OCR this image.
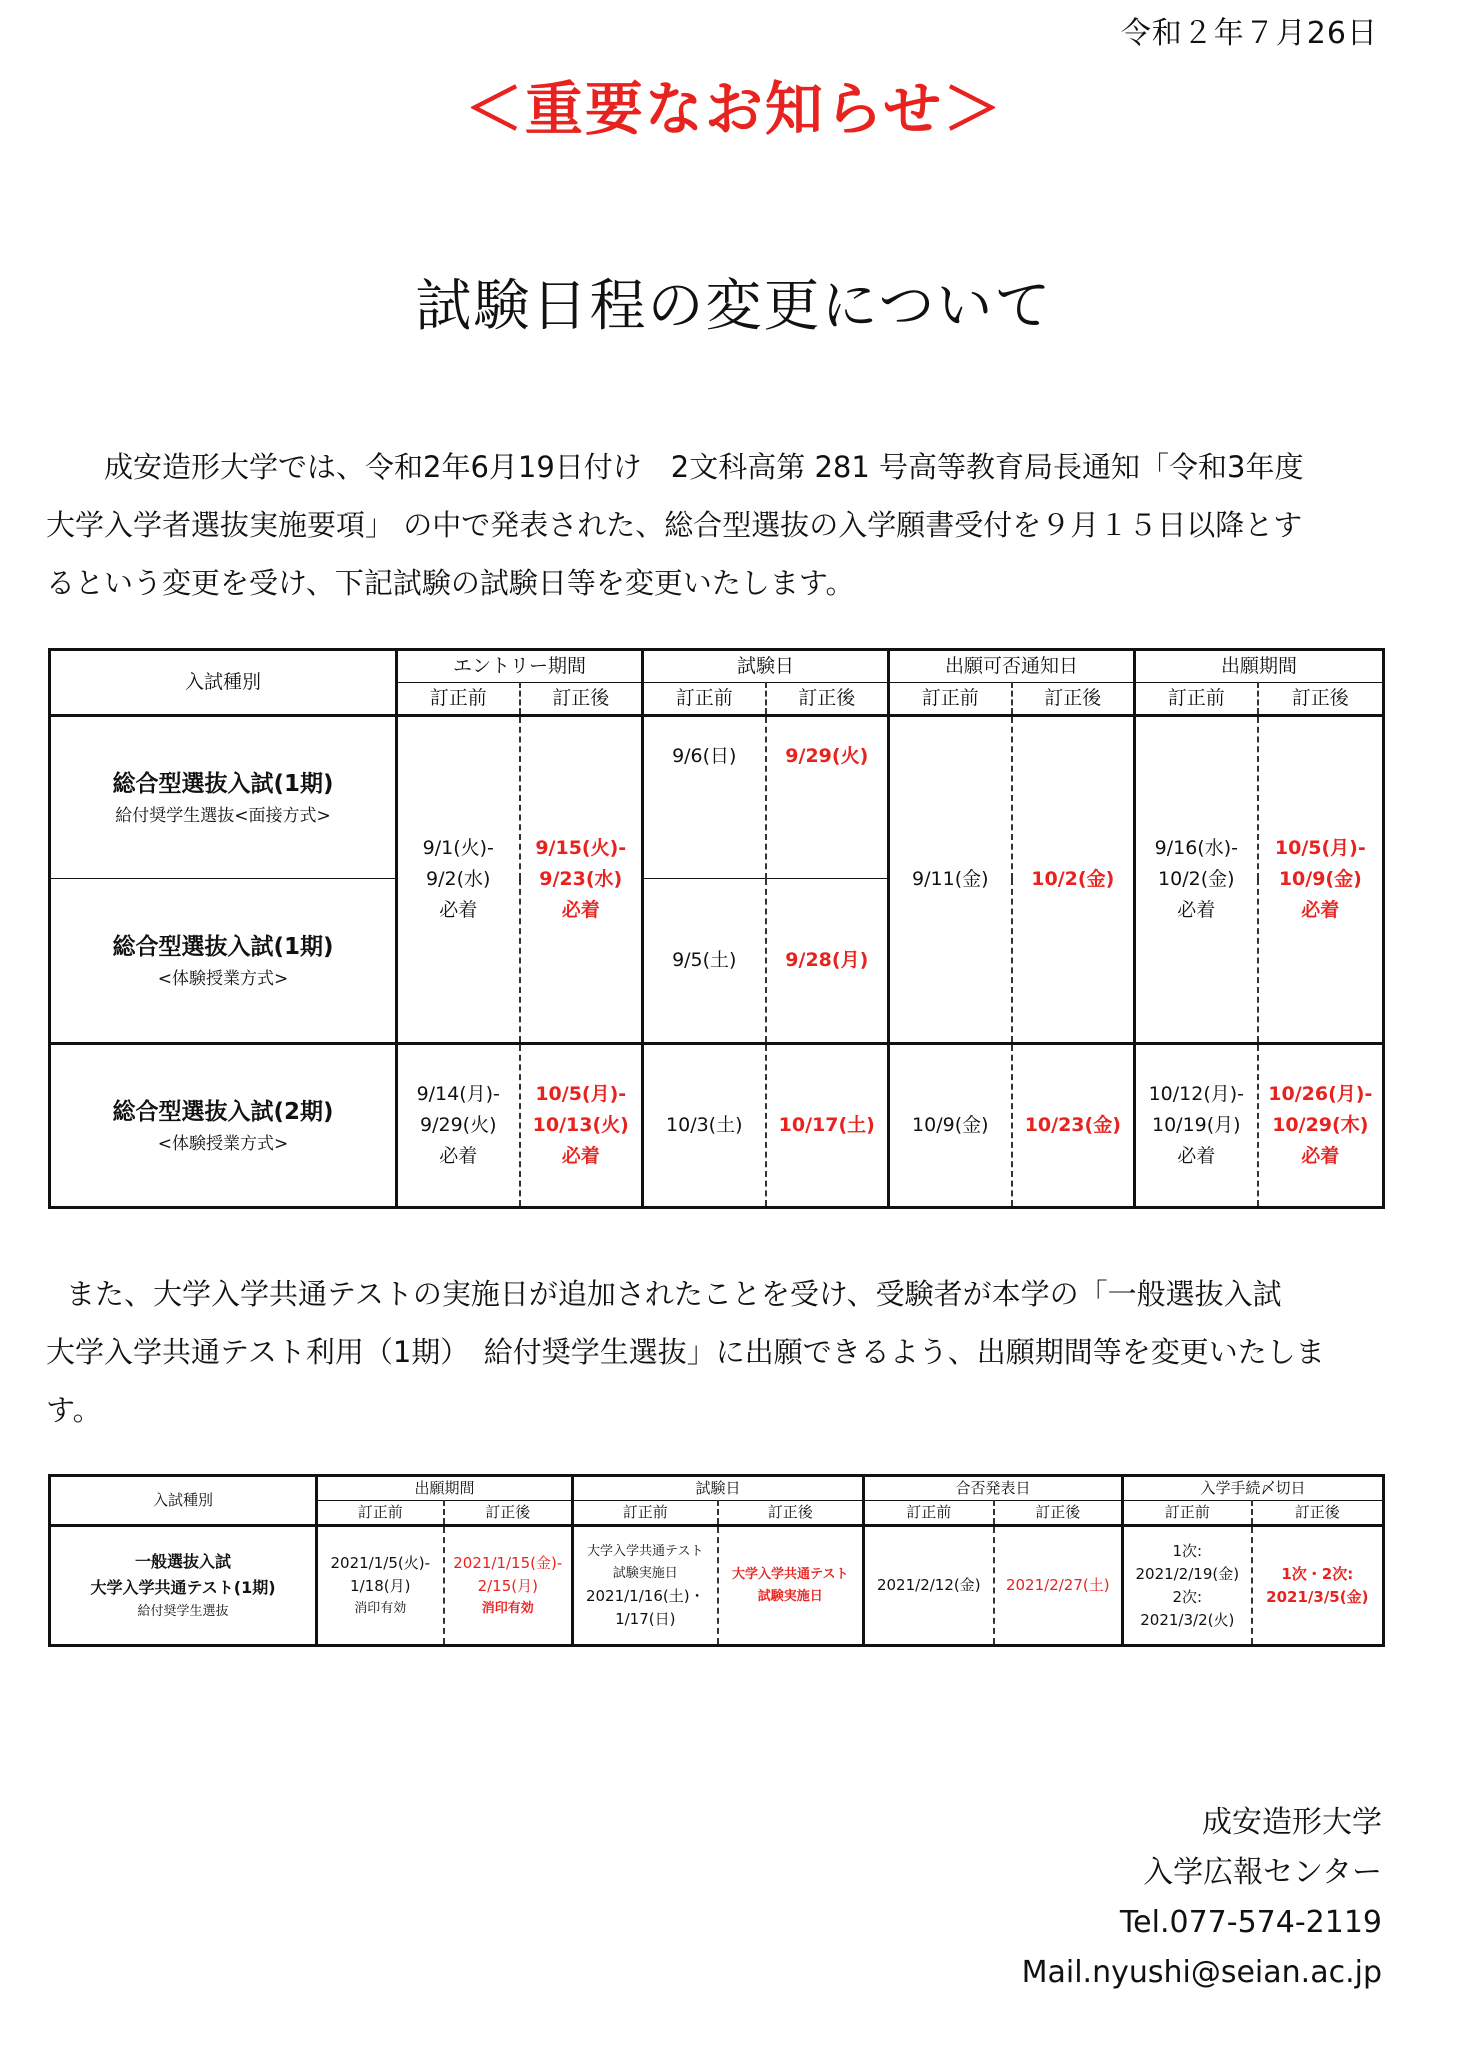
令和２年７月26日
＜重要なお知らせ＞
試験日程の変更について

成安造形大学では、令和2年6月19日付け　2文科高第 281 号高等教育局長通知「令和3年度

大学入学者選抜実施要項」 の中で発表された、総合型選抜の入学願書受付を９月１５日以降とす

るという変更を受け、下記試験の試験日等を変更いたします。

入試種別	エントリー期間		試験日		出願可否通知日		出願期間	
	訂正前	訂正後	訂正前	訂正後	訂正前	訂正後	訂正前	訂正後

総合型選抜入試(1期)
給付奨学生選抜<面接方式>	9/1(火)-
9/2(水)
必着	9/15(火)-
9/23(水)
必着	9/6(日)	9/29(火)	9/11(金)	10/2(金)	9/16(水)-
10/2(金)
必着	10/5(月)-
10/9(金)
必着

総合型選抜入試(1期)
<体験授業方式>			9/5(土)	9/28(月)				

総合型選抜入試(2期)
<体験授業方式>	9/14(月)-
9/29(火)
必着	10/5(月)-
10/13(火)
必着	10/3(土)	10/17(土)	10/9(金)	10/23(金)	10/12(月)-
10/19(月)
必着	10/26(月)-
10/29(木)
必着

また、大学入学共通テストの実施日が追加されたことを受け、受験者が本学の「一般選抜入試

大学入学共通テスト利用（1期）　給付奨学生選抜」に出願できるよう、出願期間等を変更いたしま

す。

入試種別	出願期間		試験日		合否発表日		入学手続〆切日	
	訂正前	訂正後	訂正前	訂正後	訂正前	訂正後	訂正前	訂正後

一般選抜入試
大学入学共通テスト(1期)
給付奨学生選抜	2021/1/5(火)-
1/18(月)
消印有効	2021/1/15(金)-
2/15(月)
消印有効	大学入学共通テスト
試験実施日
2021/1/16(土)・
1/17(日)	大学入学共通テスト
試験実施日	2021/2/12(金)	2021/2/27(土)	1次:
2021/2/19(金)
2次:
2021/3/2(火)	1次・2次:
2021/3/5(金)
成安造形大学
入学広報センター
Tel.077-574-2119
Mail.nyushi@seian.ac.jp
